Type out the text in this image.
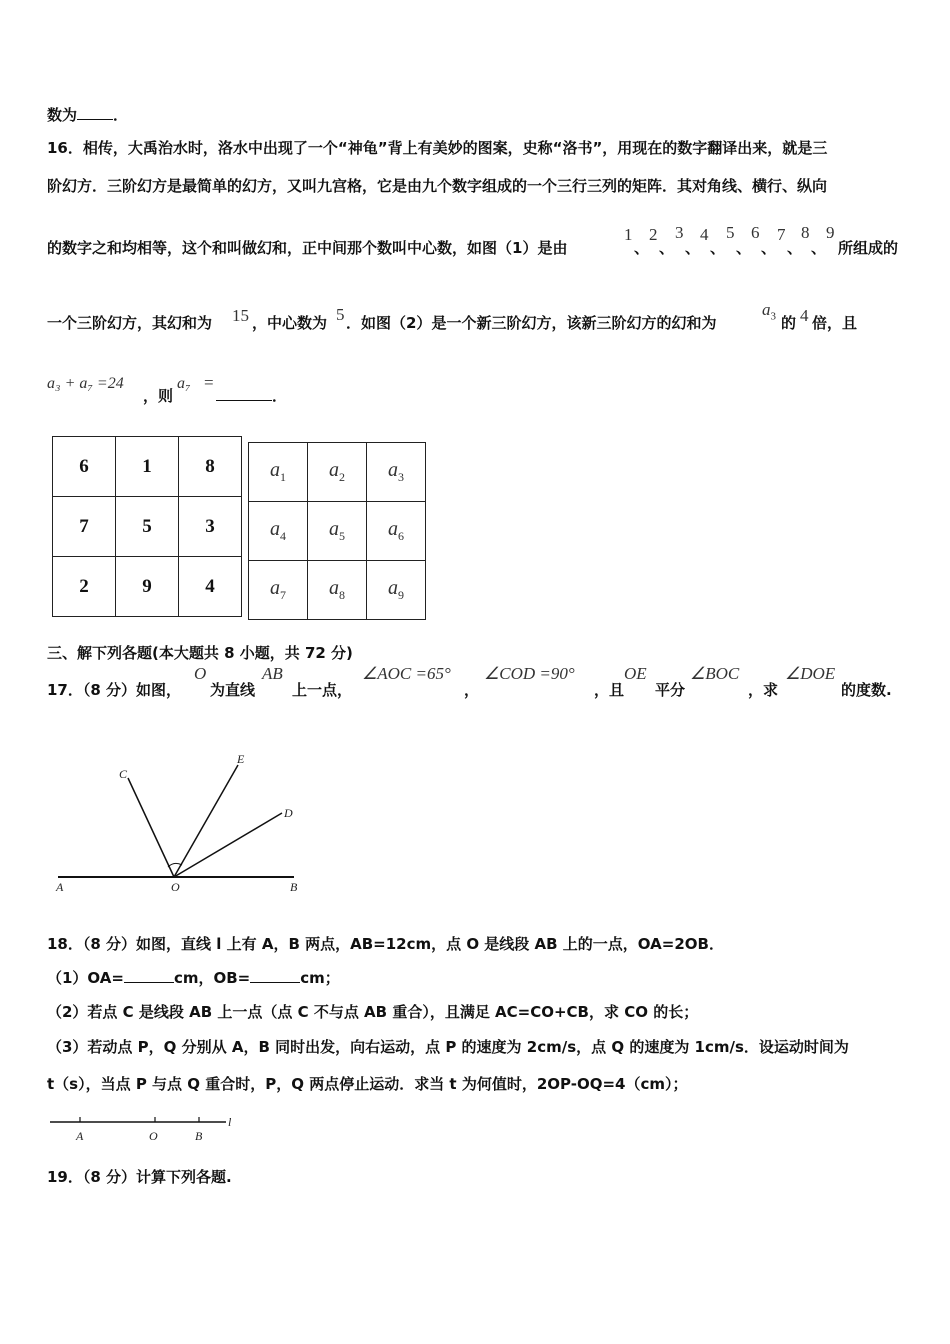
数为 ．
16．相传，大禹治水时，洛水中出现了一个“神龟”背上有美妙的图案，史称“洛书”，用现在的数字翻译出来，就是三
阶幻方．三阶幻方是最简单的幻方，又叫九宫格，它是由九个数字组成的一个三行三列的矩阵．其对角线、横行、纵向
的数字之和均相等，这个和叫做幻和，正中间那个数叫中心数，如图（1）是由
1
、
2
、
3
、
4
、
5
、
6
、
7
、
8
、
9
所组成的
一个三阶幻方，其幻和为 15 ，中心数为 5 ．如图（2）是一个新三阶幻方，该新三阶幻方的幻和为
$a_3$ 的 4 倍，且
a₃ + a₇ =24
，则
a₇ =
．
6	1	8
7	5	3
2	9	4
$a_1$	$a_2$	$a_3$
$a_4$	$a_5$	$a_6$
$a_7$	$a_8$	$a_9$
三、解下列各题(本大题共 8 小题，共 72 分)
17．（8 分）如图，
O
为直线
AB
上一点，
∠AOC =65°
，
∠COD =90°
，且
OE
平分
∠BOC
，求
∠DOE
的度数.
A	O	B
C
E
D
18．（8 分）如图，直线 l 上有 A，B 两点，AB=12cm，点 O 是线段 AB 上的一点，OA=2OB．
（1）OA=	cm，OB=	cm；
（2）若点 C 是线段 AB 上一点（点 C 不与点 AB 重合），且满足 AC=CO+CB，求 CO 的长；
（3）若动点 P，Q 分别从 A，B 同时出发，向右运动，点 P 的速度为 2cm/s，点 Q 的速度为 1cm/s．设运动时间为
t（s），当点 P 与点 Q 重合时，P，Q 两点停止运动．求当 t 为何值时，2OP-OQ=4（cm）；
A	O	B
l
19．（8 分）计算下列各题.
